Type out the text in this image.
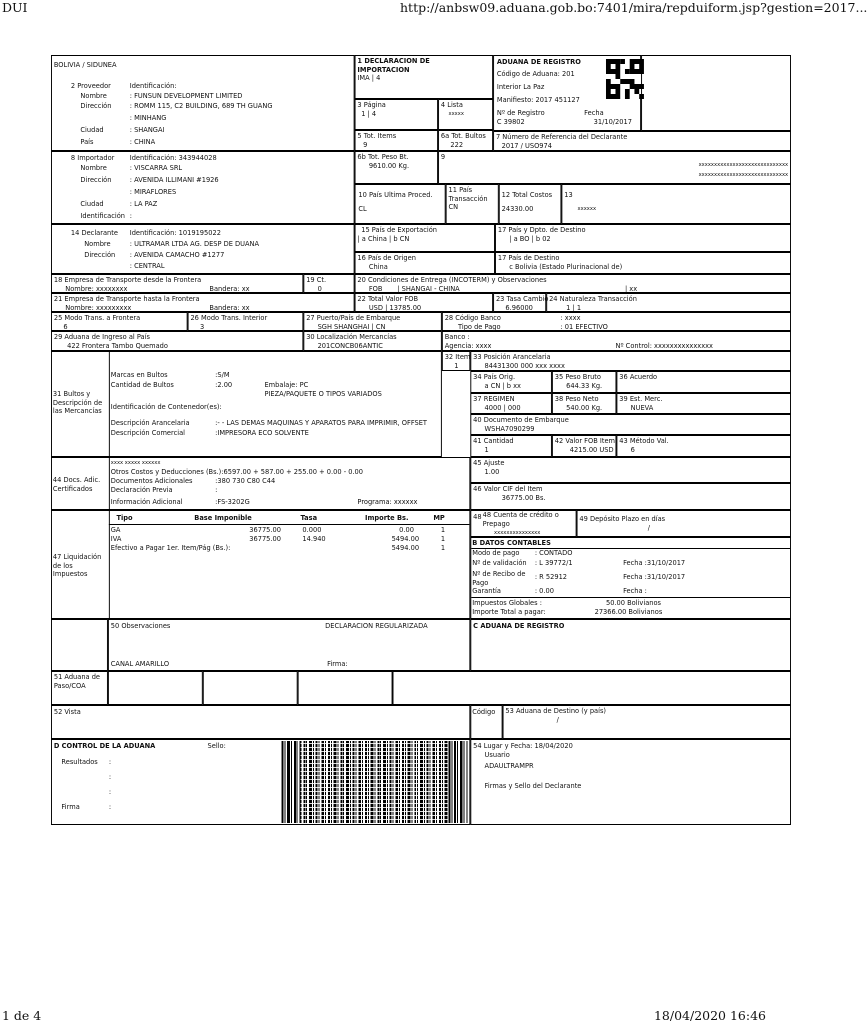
DUI	http://anbsw09.aduana.gob.bo:7401/mira/repduiform.jsp?gestion=2017...
BOLIVIA / SIDUNEA
2 Proveedor	Identificación:
Nombre	: FUNSUN DEVELOPMENT LIMITED
Dirección	: ROMM 115, C2 BUILDING, 689 TH GUANG
: MINHANG
Ciudad	: SHANGAI
País	: CHINA
1 DECLARACION DE IMPORTACION
IMA | 4
ADUANA DE REGISTRO
Código de Aduana: 201
Interior La Paz
Manifiesto: 2017 451127
Nº de Registro	Fecha
C 39802	31/10/2017
3 Página
1 | 4
4 Lista
xxxxx
5 Tot. Items
9
6a Tot. Bultos
222
7 Número de Referencia del Declarante
2017 / USO974
8 Importador Identificación: 343944028
Nombre	: VISCARRA SRL
Dirección	: AVENIDA ILLIMANI #1926
: MIRAFLORES
Ciudad	: LA PAZ
Identificación :
6b Tot. Peso Bt.
9610.00 Kg.
9
xxxxxxxxxxxxxxxxxxxxxxxxxxxxx
xxxxxxxxxxxxxxxxxxxxxxxxxxxxx
10 País Ultima Proced.
CL
11 País Transacción
CN
12 Total Costos
24330.00
13
xxxxxx
14 Declarante Identificación: 1019195022
Nombre	: ULTRAMAR LTDA AG. DESP DE DUANA
Dirección : AVENIDA CAMACHO #1277
: CENTRAL
15 País de Exportación
| a China | b CN
17 País y Dpto. de Destino
| a BO | b 02
16 País de Origen
China
17 País de Destino
c Bolivia (Estado Plurinacional de)
18 Empresa de Transporte desde la Frontera
Nombre: xxxxxxxx	Bandera: xx
19 Ct.
0
20 Condiciones de Entrega (INCOTERM) y Observaciones
FOB | SHANGAI - CHINA	| xx
21 Empresa de Transporte hasta la Frontera
Nombre: xxxxxxxxx	Bandera: xx
22 Total Valor FOB
USD | 13785.00
23 Tasa Cambio
6.96000
24 Naturaleza Transacción
1 | 1
25 Modo Trans. a Frontera
6
26 Modo Trans. Interior
3
27 Puerto/País de Embarque
SGH SHANGHAI | CN
28 Código Banco	: xxxx
Tipo de Pago	: 01 EFECTIVO
29 Aduana de Ingreso al País
422 Frontera Tambo Quemado
30 Localización Mercancías
201CONCB06ANTIC
Banco :
Agencia: xxxx	Nº Control: xxxxxxxxxxxxxxx
31 Bultos y Descripción de las Mercancías
Marcas en Bultos	:S/M
Cantidad de Bultos	:2.00	Embalaje: PC
PIEZA/PAQUETE O TIPOS VARIADOS
Identificación de Contenedor(es):
Descripción Arancelaria	:- - LAS DEMAS MAQUINAS Y APARATOS PARA IMPRIMIR, OFFSET
Descripción Comercial	:IMPRESORA ECO SOLVENTE
32 Item
1
33 Posición Arancelaria
84431300 000 xxx xxxx
34 País Orig.
a CN | b xx
35 Peso Bruto
644.33 Kg.
36 Acuerdo
37 REGIMEN
4000 | 000
38 Peso Neto
540.00 Kg.
39 Est. Merc.
NUEVA
40 Documento de Embarque
WSHA7090299
41 Cantidad
1
42 Valor FOB Item
4215.00 USD
43 Método Val.
6
44 Docs. Adic. Certificados
xxxx xxxxx xxxxxx
Otros Costos y Deducciones (Bs.):6597.00 + 587.00 + 255.00 + 0.00 - 0.00
Documentos Adicionales	:380 730 C80 C44
Declaración Previa	:
Información Adicional	:FS-3202G	Programa: xxxxxx
45 Ajuste
1.00
46 Valor CIF del Item
36775.00 Bs.
47 Liquidación de los Impuestos
Tipo	Base Imponible	Tasa	Importe Bs.	MP
GA	36775.00	0.000	0.00	1
IVA	36775.00	14.940	5494.00	1
Efectivo a Pagar 1er. Item/Pág (Bs.):	5494.00	1
48 48 Cuenta de crédito o Prepago
xxxxxxxxxxxxxxx
49 Depósito Plazo en días
/
B DATOS CONTABLES
Modo de pago : CONTADO
Nº de validación : L 39772/1	Fecha :31/10/2017
Nº de Recibo de Pago
: R 52912	Fecha :31/10/2017
Garantía	: 0.00	Fecha :
Impuestos Globales :	50.00 Bolivianos
Importe Total a pagar:	27366.00 Bolivianos
50 Observaciones	DECLARACION REGULARIZADA
CANAL AMARILLO	Firma:
C ADUANA DE REGISTRO
51 Aduana de Paso/COA
52 Vista	Código 53 Aduana de Destino (y país)
/
D CONTROL DE LA ADUANA	Sello:
Resultados :
:
:
Firma	:
54 Lugar y Fecha: 18/04/2020
Usuario
ADAULTRAMPR
Firmas y Sello del Declarante
1 de 4	18/04/2020 16:46
